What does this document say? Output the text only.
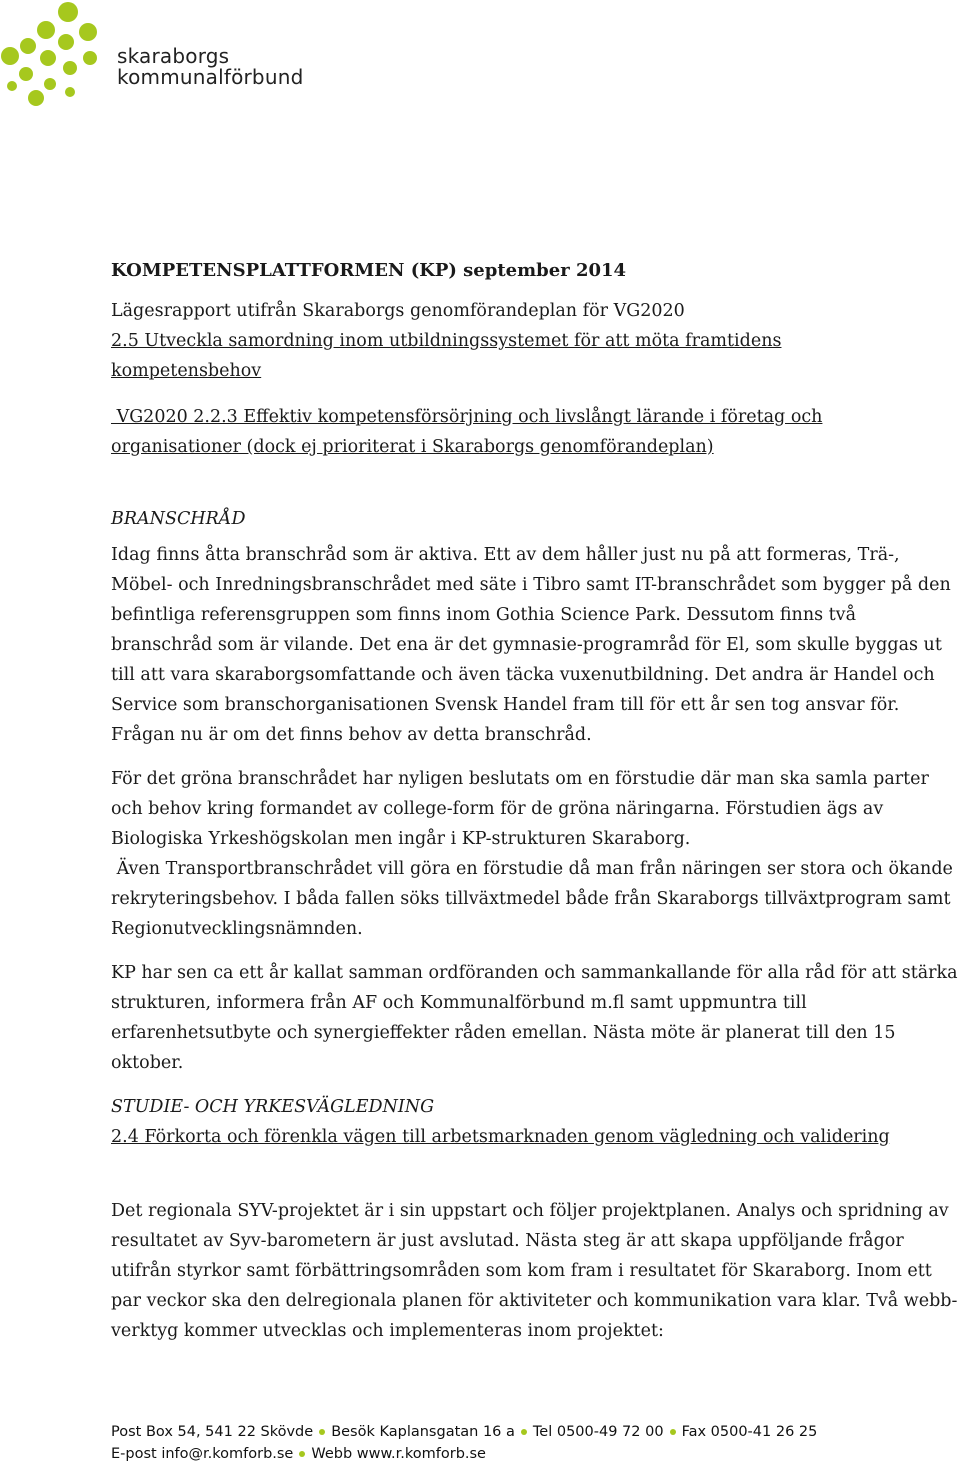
skaraborgs
kommunalförbund

KOMPETENSPLATTFORMEN (KP) september 2014

Lägesrapport utifrån Skaraborgs genomförandeplan för VG2020

2.5 Utveckla samordning inom utbildningssystemet för att möta framtidens

kompetensbehov

VG2020 2.2.3 Effektiv kompetensförsörjning och livslångt lärande i företag och

organisationer (dock ej prioriterat i Skaraborgs genomförandeplan)

BRANSCHRÅD

Idag finns åtta branschråd som är aktiva. Ett av dem håller just nu på att formeras, Trä-, Möbel- och Inredningsbranschrådet med säte i Tibro samt IT-branschrådet som bygger på den befintliga referensgruppen som finns inom Gothia Science Park. Dessutom finns två branschråd som är vilande. Det ena är det gymnasie-programråd för El, som skulle byggas ut till att vara skaraborgsomfattande och även täcka vuxenutbildning. Det andra är Handel och Service som branschorganisationen Svensk Handel fram till för ett år sen tog ansvar för. Frågan nu är om det finns behov av detta branschråd.

För det gröna branschrådet har nyligen beslutats om en förstudie där man ska samla parter och behov kring formandet av college-form för de gröna näringarna. Förstudien ägs av Biologiska Yrkeshögskolan men ingår i KP-strukturen Skaraborg.

Även Transportbranschrådet vill göra en förstudie då man från näringen ser stora och ökande rekryteringsbehov. I båda fallen söks tillväxtmedel både från Skaraborgs tillväxtprogram samt Regionutvecklingsnämnden.

KP har sen ca ett år kallat samman ordföranden och sammankallande för alla råd för att stärka strukturen, informera från AF och Kommunalförbund m.fl samt uppmuntra till erfarenhetsutbyte och synergieffekter råden emellan. Nästa möte är planerat till den 15 oktober.

STUDIE- OCH YRKESVÄGLEDNING

2.4 Förkorta och förenkla vägen till arbetsmarknaden genom vägledning och validering

Det regionala SYV-projektet är i sin uppstart och följer projektplanen. Analys och spridning av resultatet av Syv-barometern är just avslutad. Nästa steg är att skapa uppföljande frågor utifrån styrkor samt förbättringsområden som kom fram i resultatet för Skaraborg. Inom ett par veckor ska den delregionala planen för aktiviteter och kommunikation vara klar. Två webb-verktyg kommer utvecklas och implementeras inom projektet:

Post Box 54, 541 22 Skövde Besök Kaplansgatan 16 a Tel 0500-49 72 00 Fax 0500-41 26 25
E-post info@r.komforb.se Webb www.r.komforb.se
